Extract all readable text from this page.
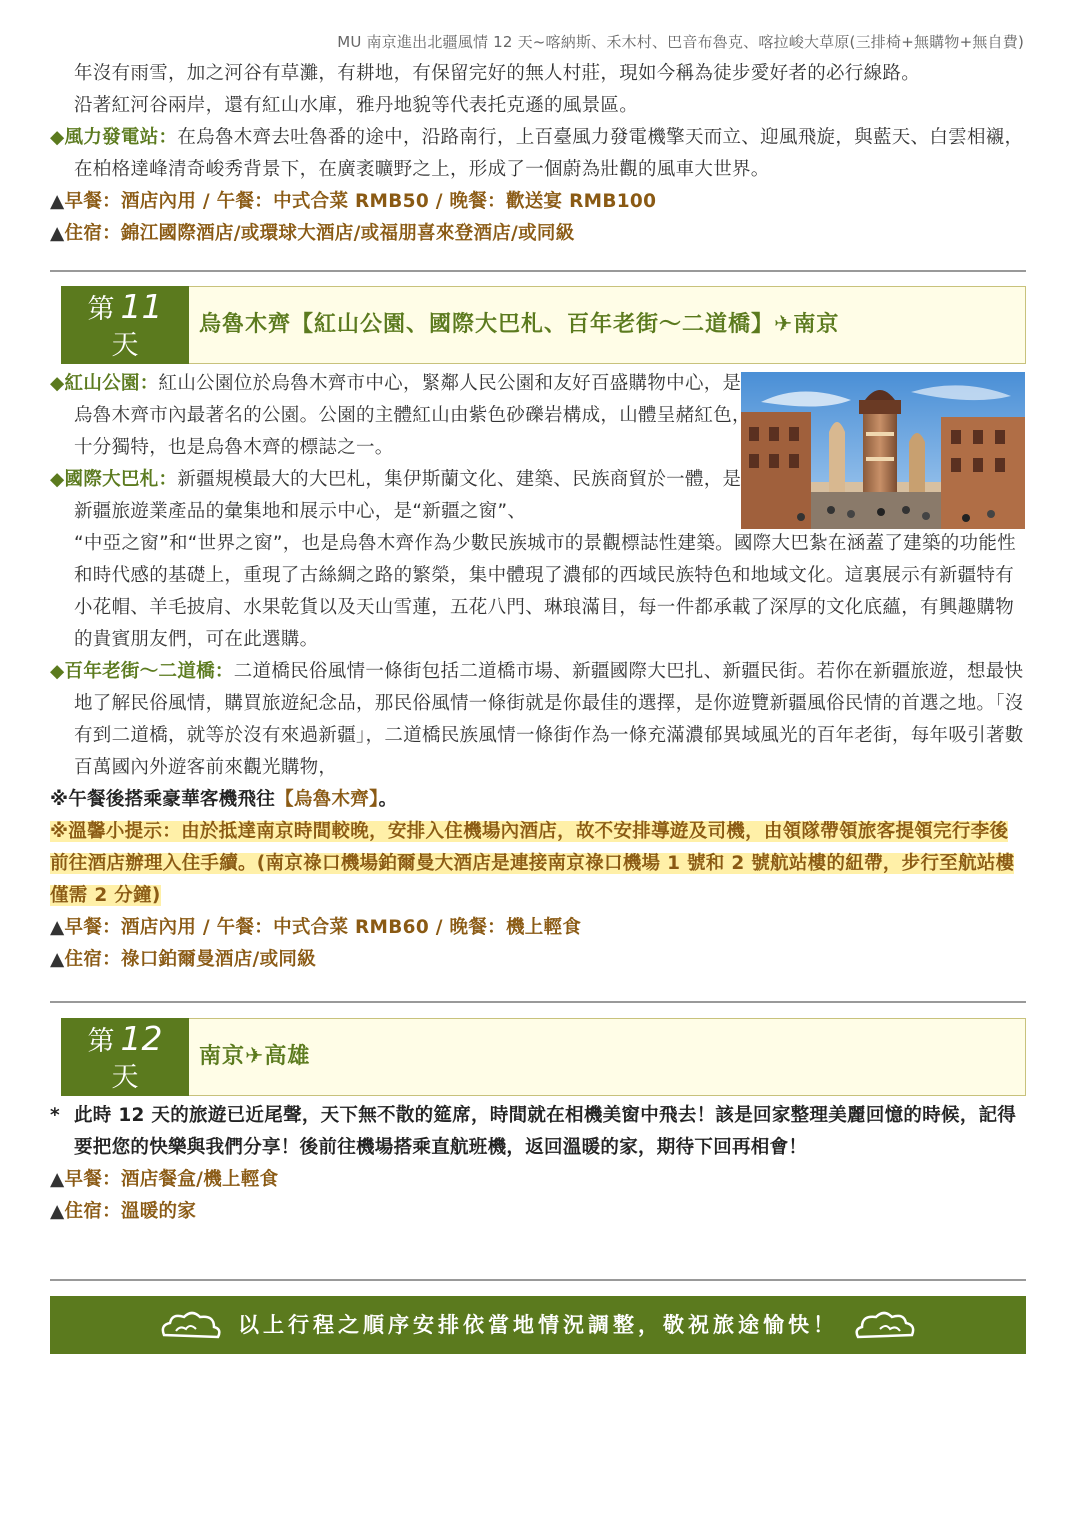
MU 南京進出北疆風情 12 天~喀納斯、禾木村、巴音布魯克、喀拉峻大草原(三排椅+無購物+無自費)

年沒有雨雪，加之河谷有草灘，有耕地，有保留完好的無人村莊，現如今稱為徒步愛好者的必行線路。

沿著紅河谷兩岸，還有紅山水庫，雅丹地貌等代表托克遜的風景區。

◆風力發電站：在烏魯木齊去吐魯番的途中，沿路南行，上百臺風力發電機擎天而立、迎風飛旋，與藍天、白雲相襯，在柏格達峰清奇峻秀背景下，在廣袤曠野之上，形成了一個蔚為壯觀的風車大世界。

▲早餐：酒店內用 / 午餐：中式合菜 RMB50 / 晚餐：歡送宴 RMB100

▲住宿：錦江國際酒店/或環球大酒店/或福朋喜來登酒店/或同級

第 11
天
烏魯木齊【紅山公園、國際大巴札、百年老街～二道橋】✈南京

◆紅山公園：紅山公園位於烏魯木齊市中心，緊鄰人民公園和友好百盛購物中心，是烏魯木齊市內最著名的公園。公園的主體紅山由紫色砂礫岩構成，山體呈赭紅色，十分獨特，也是烏魯木齊的標誌之一。

◆國際大巴札：新疆規模最大的大巴札，集伊斯蘭文化、建築、民族商貿於一體，是新疆旅遊業產品的彙集地和展示中心，是“新疆之窗”、

“中亞之窗”和“世界之窗”，也是烏魯木齊作為少數民族城市的景觀標誌性建築。國際大巴紮在涵蓋了建築的功能性和時代感的基礎上，重現了古絲綢之路的繁榮，集中體現了濃郁的西域民族特色和地域文化。這裏展示有新疆特有小花帽、羊毛披肩、水果乾貨以及天山雪蓮，五花八門、琳琅滿目，每一件都承載了深厚的文化底蘊，有興趣購物的貴賓朋友們，可在此選購。

◆百年老街～二道橋：二道橋民俗風情一條街包括二道橋市場、新疆國際大巴扎、新疆民街。若你在新疆旅遊，想最快地了解民俗風情，購買旅遊紀念品，那民俗風情一條街就是你最佳的選擇，是你遊覽新疆風俗民情的首選之地。「沒有到二道橋，就等於沒有來過新疆」，二道橋民族風情一條街作為一條充滿濃郁異域風光的百年老街，每年吸引著數百萬國內外遊客前來觀光購物，

※午餐後搭乘豪華客機飛往【烏魯木齊】。

※溫馨小提示：由於抵達南京時間較晚，安排入住機場內酒店，故不安排導遊及司機，由領隊帶領旅客提領完行李後前往酒店辦理入住手續。(南京祿口機場鉑爾曼大酒店是連接南京祿口機場 1 號和 2 號航站樓的紐帶，步行至航站樓僅需 2 分鐘)

▲早餐：酒店內用 / 午餐：中式合菜 RMB60 / 晚餐：機上輕食

▲住宿：祿口鉑爾曼酒店/或同級

第 12
天
南京✈高雄

* 此時 12 天的旅遊已近尾聲，天下無不散的筵席，時間就在相機美窗中飛去！該是回家整理美麗回憶的時候，記得要把您的快樂與我們分享！後前往機場搭乘直航班機，返回溫暖的家，期待下回再相會！

▲早餐：酒店餐盒/機上輕食

▲住宿：溫暖的家

以上行程之順序安排依當地情況調整，敬祝旅途愉快！
